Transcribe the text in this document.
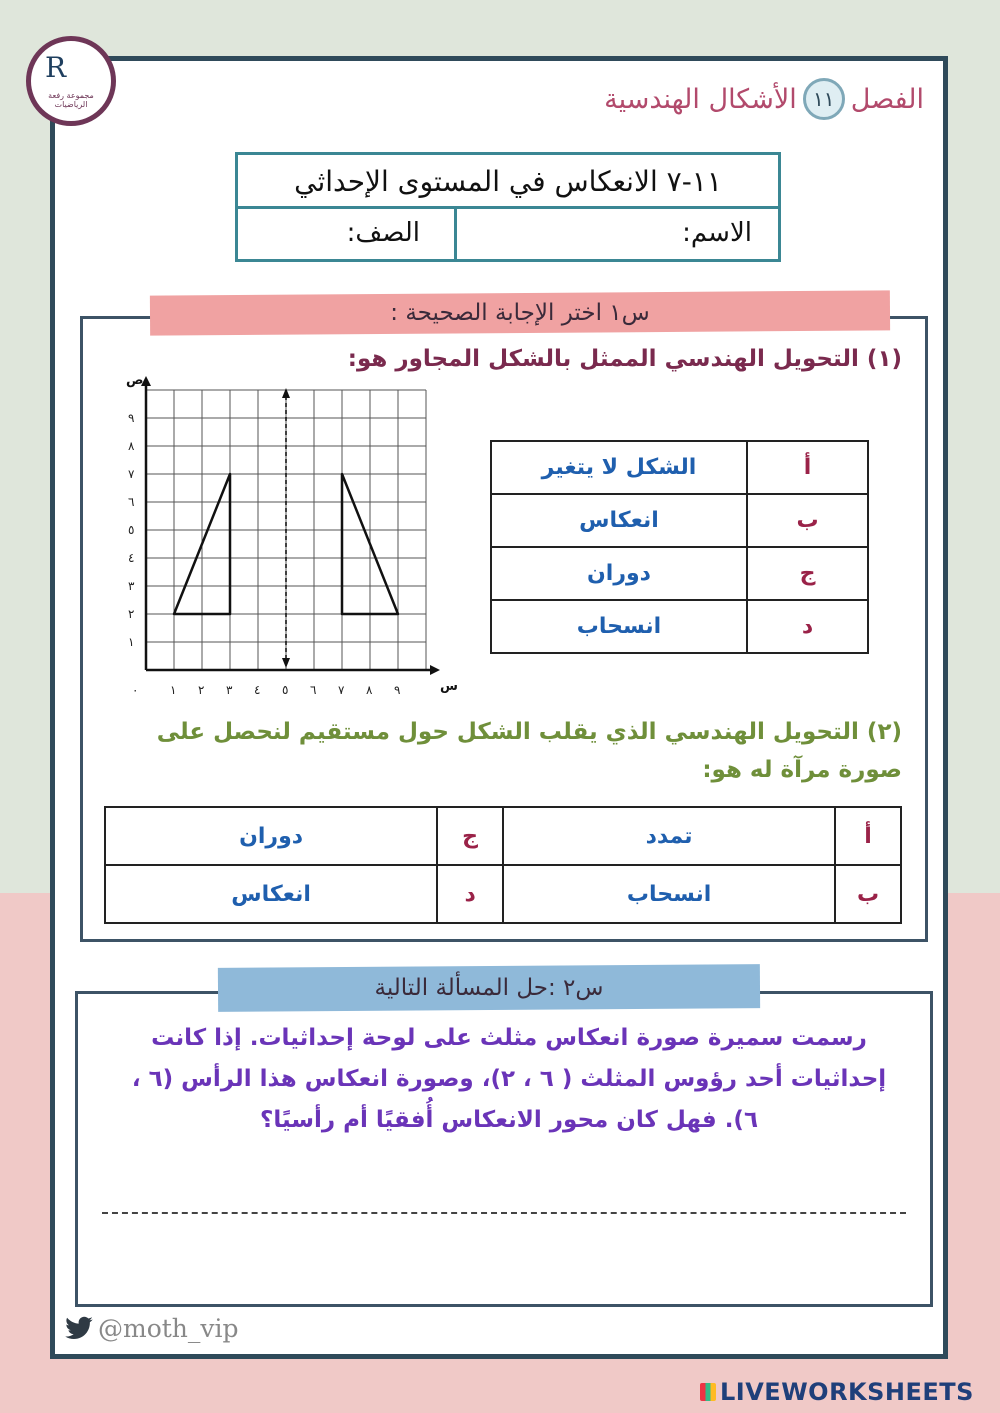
R
مجموعة رفعة الرياضيات	الفصل
١١
الأشكال الهندسية
١١-٧ الانعكاس في المستوى الإحداثي
الاسم:
الصف:
س١ اختر الإجابة الصحيحة :
(١) التحويل الهندسي الممثل بالشكل المجاور هو:
س
ص
٠	١ ٢ ٣ ٤ ٥ ٦ ٧ ٨ ٩
١
٢
٣
٤
٥
٦
٧
٨
٩
أ	الشكل لا يتغير
ب	انعكاس
ج	دوران
د	انسحاب
(٢) التحويل الهندسي الذي يقلب الشكل حول مستقيم لنحصل على صورة مرآة له هو:
أ	تمدد	ج	دوران
ب	انسحاب	د	انعكاس
س٢ :حل المسألة التالية
رسمت سميرة صورة انعكاس مثلث على لوحة إحداثيات. إذا كانت إحداثيات أحد رؤوس المثلث ( ٦ ، ٢)، وصورة انعكاس هذا الرأس (٦ ، ٦). فهل كان محور الانعكاس أُفقيًا أم رأسيًا؟
@moth_vip
LIVEWORKSHEETS
